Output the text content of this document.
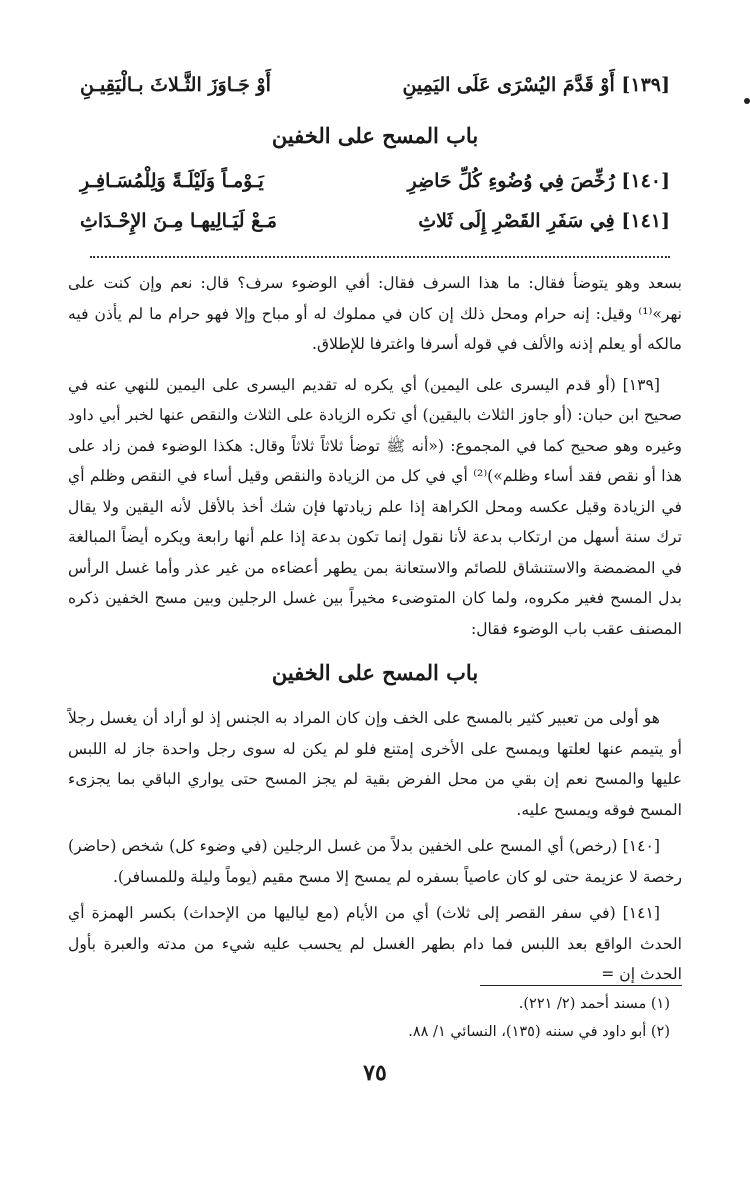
[١٣٩] أَوْ قَدَّمَ اليُسْرَى عَلَى اليَمِينِ
أَوْ جَـاوَزَ الثَّـلاثَ بـالْيَقِيـنِ
باب المسح على الخفين
[١٤٠] رُخِّصَ فِي وُضُوءِ كُلِّ حَاضِرِ
يَـوْمـاً وَلَيْلَـةً وَلِلْمُسَـافِـرِ
[١٤١] فِي سَفَرِ القَصْرِ إِلَى ثَلاثِ
مَـعْ لَيَـالِيهـا مِـنَ الإِحْـدَاثِ

بسعد وهو يتوضأ فقال: ما هذا السرف فقال: أفي الوضوء سرف؟ قال: نعم وإن كنت على نهر»⁽¹⁾ وقيل: إنه حرام ومحل ذلك إن كان في مملوك له أو مباح وإلا فهو حرام ما لم يأذن فيه مالكه أو يعلم إذنه والألف في قوله أسرفا واغترفا للإطلاق.

[١٣٩] (أو قدم اليسرى على اليمين) أي يكره له تقديم اليسرى على اليمين للنهي عنه في صحيح ابن حبان: (أو جاوز الثلاث باليقين) أي تكره الزيادة على الثلاث والنقص عنها لخبر أبي داود وغيره وهو صحيح كما في المجموع: («أنه ﷺ توضأ ثلاثاً ثلاثاً وقال: هكذا الوضوء فمن زاد على هذا أو نقص فقد أساء وظلم»)⁽²⁾ أي في كل من الزيادة والنقص وقيل أساء في النقص وظلم أي في الزيادة وقيل عكسه ومحل الكراهة إذا علم زيادتها فإن شك أخذ بالأقل لأنه اليقين ولا يقال ترك سنة أسهل من ارتكاب بدعة لأنا نقول إنما تكون بدعة إذا علم أنها رابعة ويكره أيضاً المبالغة في المضمضة والاستنشاق للصائم والاستعانة بمن يطهر أعضاءه من غير عذر وأما غسل الرأس بدل المسح فغير مكروه، ولما كان المتوضىء مخيراً بين غسل الرجلين وبين مسح الخفين ذكره المصنف عقب باب الوضوء فقال:

باب المسح على الخفين

هو أولى من تعبير كثير بالمسح على الخف وإن كان المراد به الجنس إذ لو أراد أن يغسل رجلاً أو يتيمم عنها لعلتها ويمسح على الأخرى إمتنع فلو لم يكن له سوى رجل واحدة جاز له اللبس عليها والمسح نعم إن بقي من محل الفرض بقية لم يجز المسح حتى يواري الباقي بما يجزىء المسح فوقه ويمسح عليه.

[١٤٠] (رخص) أي المسح على الخفين بدلاً من غسل الرجلين (في وضوء كل) شخص (حاضر) رخصة لا عزيمة حتى لو كان عاصياً بسفره لم يمسح إلا مسح مقيم (يوماً وليلة وللمسافر).

[١٤١] (في سفر القصر إلى ثلاث) أي من الأيام (مع لياليها من الإحداث) بكسر الهمزة أي الحدث الواقع بعد اللبس فما دام بطهر الغسل لم يحسب عليه شيء من مدته والعبرة بأول الحدث إن =

(١) مسند أحمد (٢/ ٢٢١).
(٢) أبو داود في سننه (١٣٥)، النسائي ١/ ٨٨.
٧٥
